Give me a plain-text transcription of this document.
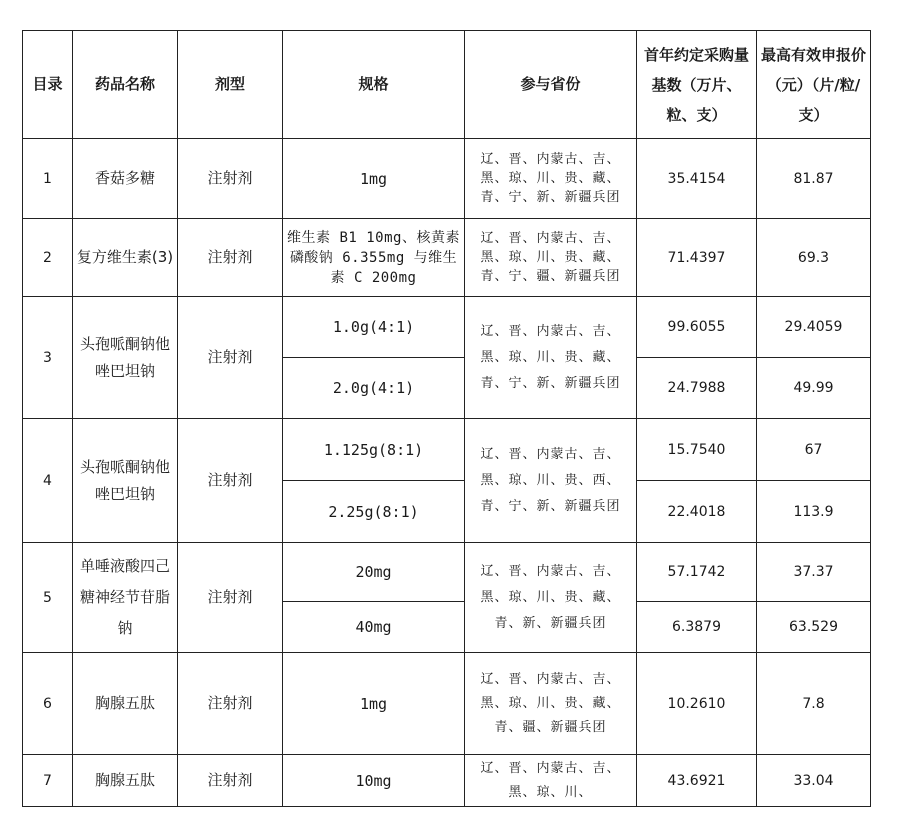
目录	药品名称	剂型	规格	参与省份	首年约定采购量基数（万片、粒、支）	最高有效申报价（元）（片/粒/支）
1	香菇多糖	注射剂	1mg	辽、晋、内蒙古、吉、黑、琼、川、贵、藏、青、宁、新、新疆兵团	35.4154	81.87
2	复方维生素(3)	注射剂	维生素 B1 10mg、核黄素磷酸钠 6.355mg 与维生素 C 200mg	辽、晋、内蒙古、吉、黑、琼、川、贵、藏、青、宁、疆、新疆兵团	71.4397	69.3
3	头孢哌酮钠他唑巴坦钠	注射剂	1.0g(4:1)	辽、晋、内蒙古、吉、黑、琼、川、贵、藏、青、宁、新、新疆兵团	99.6055	29.4059
			2.0g(4:1)		24.7988	49.99
4	头孢哌酮钠他唑巴坦钠	注射剂	1.125g(8:1)	辽、晋、内蒙古、吉、黑、琼、川、贵、西、青、宁、新、新疆兵团	15.7540	67
			2.25g(8:1)		22.4018	113.9
5	单唾液酸四己糖神经节苷脂钠	注射剂	20mg	辽、晋、内蒙古、吉、黑、琼、川、贵、藏、青、新、新疆兵团	57.1742	37.37
			40mg		6.3879	63.529
6	胸腺五肽	注射剂	1mg	辽、晋、内蒙古、吉、黑、琼、川、贵、藏、青、疆、新疆兵团	10.2610	7.8
7	胸腺五肽	注射剂	10mg	辽、晋、内蒙古、吉、黑、琼、川、	43.6921	33.04
